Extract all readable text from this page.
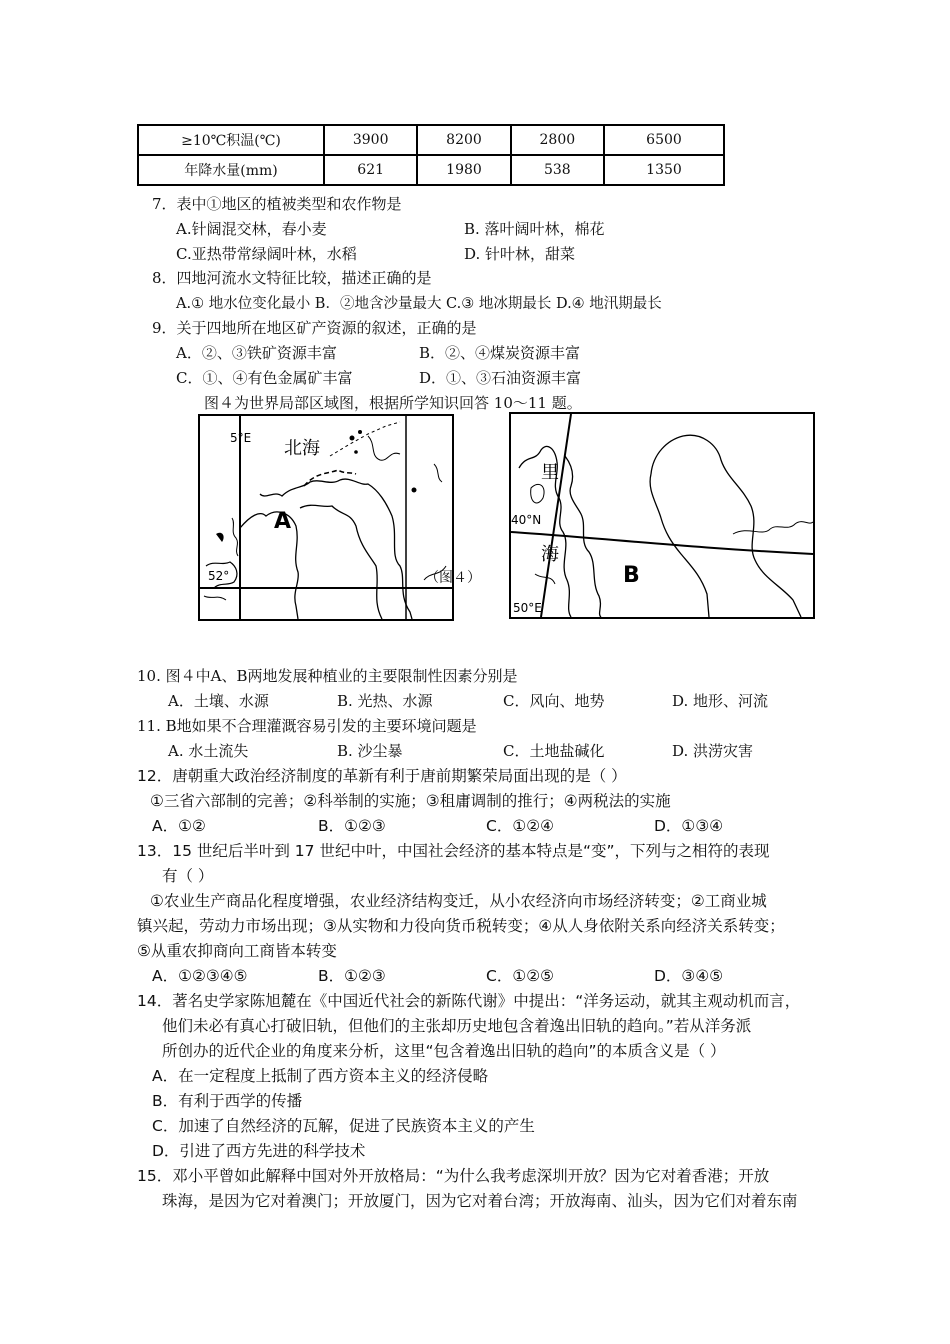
≥10℃积温(℃)	3900	8200	2800	6500
年降水量(mm)	621	1980	538	1350
7．表中①地区的植被类型和农作物是
A.针阔混交林，春小麦	B. 落叶阔叶林，棉花
C.亚热带常绿阔叶林，水稻	D. 针叶林，甜菜
8．四地河流水文特征比较，描述正确的是
A.① 地水位变化最小 B．②地含沙量最大 C.③ 地冰期最长 D.④ 地汛期最长
9．关于四地所在地区矿产资源的叙述，正确的是
A．②、③铁矿资源丰富	B．②、④煤炭资源丰富
C．①、④有色金属矿丰富	D．①、③石油资源丰富
图４为世界局部区域图，根据所学知识回答 10～11 题。
5°E 北海
A
52°	（图４）
里
40°N
海
B
50°E
10. 图４中A、B两地发展种植业的主要限制性因素分别是
A．土壤、水源	B. 光热、水源	C．风向、地势	D. 地形、河流
11. B地如果不合理灌溉容易引发的主要环境问题是
A. 水土流失	B. 沙尘暴	C．土地盐碱化	D. 洪涝灾害
12．唐朝重大政治经济制度的革新有利于唐前期繁荣局面出现的是（ ）
①三省六部制的完善；②科举制的实施；③租庸调制的推行；④两税法的实施
A．①②	B．①②③	C．①②④	D．①③④
13．15 世纪后半叶到 17 世纪中叶，中国社会经济的基本特点是“变”，下列与之相符的表现
有（ ）
①农业生产商品化程度增强，农业经济结构变迁，从小农经济向市场经济转变；②工商业城
镇兴起，劳动力市场出现；③从实物和力役向货币税转变；④从人身依附关系向经济关系转变；
⑤从重农抑商向工商皆本转变
A．①②③④⑤	B．①②③	C．①②⑤	D．③④⑤
14．著名史学家陈旭麓在《中国近代社会的新陈代谢》中提出：“洋务运动，就其主观动机而言，
他们未必有真心打破旧轨，但他们的主张却历史地包含着逸出旧轨的趋向。”若从洋务派
所创办的近代企业的角度来分析，这里“包含着逸出旧轨的趋向”的本质含义是（ ）
A．在一定程度上抵制了西方资本主义的经济侵略
B．有利于西学的传播
C．加速了自然经济的瓦解，促进了民族资本主义的产生
D．引进了西方先进的科学技术
15．邓小平曾如此解释中国对外开放格局：“为什么我考虑深圳开放？因为它对着香港；开放
珠海，是因为它对着澳门；开放厦门，因为它对着台湾；开放海南、汕头，因为它们对着东南
